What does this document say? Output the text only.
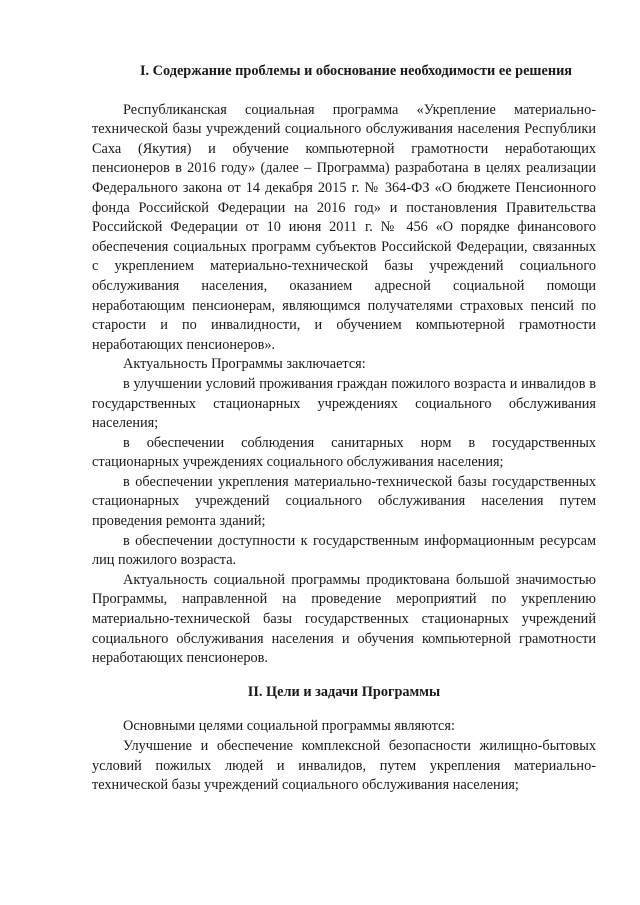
I. Содержание проблемы и обоснование необходимости ее решения

Республиканская социальная программа «Укрепление материально-технической базы учреждений социального обслуживания населения Республики Саха (Якутия) и обучение компьютерной грамотности неработающих пенсионеров в 2016 году» (далее – Программа) разработана в целях реализации Федерального закона от 14 декабря 2015 г. № 364-ФЗ «О бюджете Пенсионного фонда Российской Федерации на 2016 год» и постановления Правительства Российской Федерации от 10 июня 2011 г. № 456 «О порядке финансового обеспечения социальных программ субъектов Российской Федерации, связанных с укреплением материально-технической базы учреждений социального обслуживания населения, оказанием адресной социальной помощи неработающим пенсионерам, являющимся получателями страховых пенсий по старости и по инвалидности, и обучением компьютерной грамотности неработающих пенсионеров».

Актуальность Программы заключается:

в улучшении условий проживания граждан пожилого возраста и инвалидов в государственных стационарных учреждениях социального обслуживания населения;

в обеспечении соблюдения санитарных норм в государственных стационарных учреждениях социального обслуживания населения;

в обеспечении укрепления материально-технической базы государственных стационарных учреждений социального обслуживания населения путем проведения ремонта зданий;

в обеспечении доступности к государственным информационным ресурсам лиц пожилого возраста.

Актуальность социальной программы продиктована большой значимостью Программы, направленной на проведение мероприятий по укреплению материально-технической базы государственных стационарных учреждений социального обслуживания населения и обучения компьютерной грамотности неработающих пенсионеров.

II. Цели и задачи Программы

Основными целями социальной программы являются:

Улучшение и обеспечение комплексной безопасности жилищно-бытовых условий пожилых людей и инвалидов, путем укрепления материально-технической базы учреждений социального обслуживания населения;
